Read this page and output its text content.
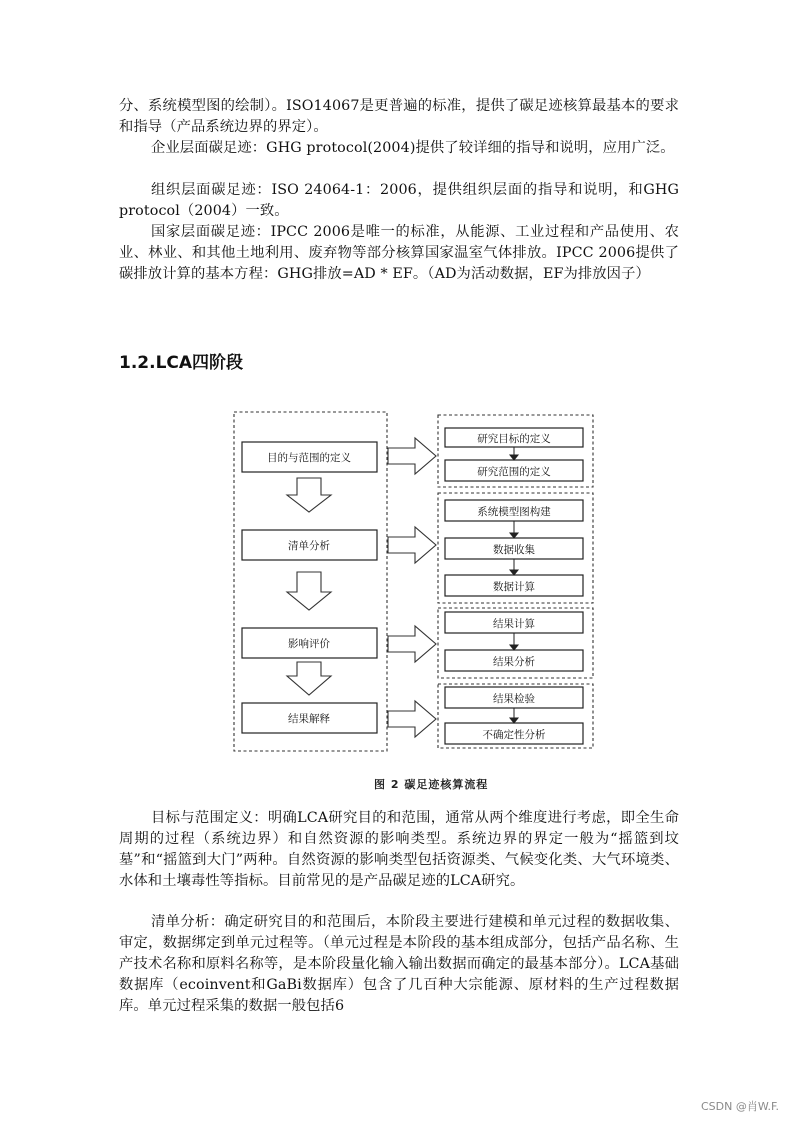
分、系统模型图的绘制）。ISO14067是更普遍的标准，提供了碳足迹核算最基本的要求和指导（产品系统边界的界定）。

企业层面碳足迹：GHG protocol(2004)提供了较详细的指导和说明，应用广泛。

组织层面碳足迹：ISO 24064-1：2006，提供组织层面的指导和说明，和GHG protocol（2004）一致。

国家层面碳足迹：IPCC 2006是唯一的标准，从能源、工业过程和产品使用、农业、林业、和其他土地利用、废弃物等部分核算国家温室气体排放。IPCC 2006提供了碳排放计算的基本方程：GHG排放=AD * EF。（AD为活动数据，EF为排放因子）

1.2.LCA四阶段
目的与范围的定义
清单分析
影响评价
结果解释
研究目标的定义
研究范围的定义
系统模型图构建
数据收集
数据计算
结果计算
结果分析
结果检验
不确定性分析
图 2 碳足迹核算流程

目标与范围定义：明确LCA研究目的和范围，通常从两个维度进行考虑，即全生命周期的过程（系统边界）和自然资源的影响类型。系统边界的界定一般为“摇篮到坟墓”和“摇篮到大门”两种。自然资源的影响类型包括资源类、气候变化类、大气环境类、水体和土壤毒性等指标。目前常见的是产品碳足迹的LCA研究。

清单分析：确定研究目的和范围后，本阶段主要进行建模和单元过程的数据收集、审定，数据绑定到单元过程等。（单元过程是本阶段的基本组成部分，包括产品名称、生产技术名称和原料名称等，是本阶段量化输入输出数据而确定的最基本部分）。LCA基础数据库（ecoinvent和GaBi数据库）包含了几百种大宗能源、原材料的生产过程数据库。单元过程采集的数据一般包括6

CSDN @肖W.F.
